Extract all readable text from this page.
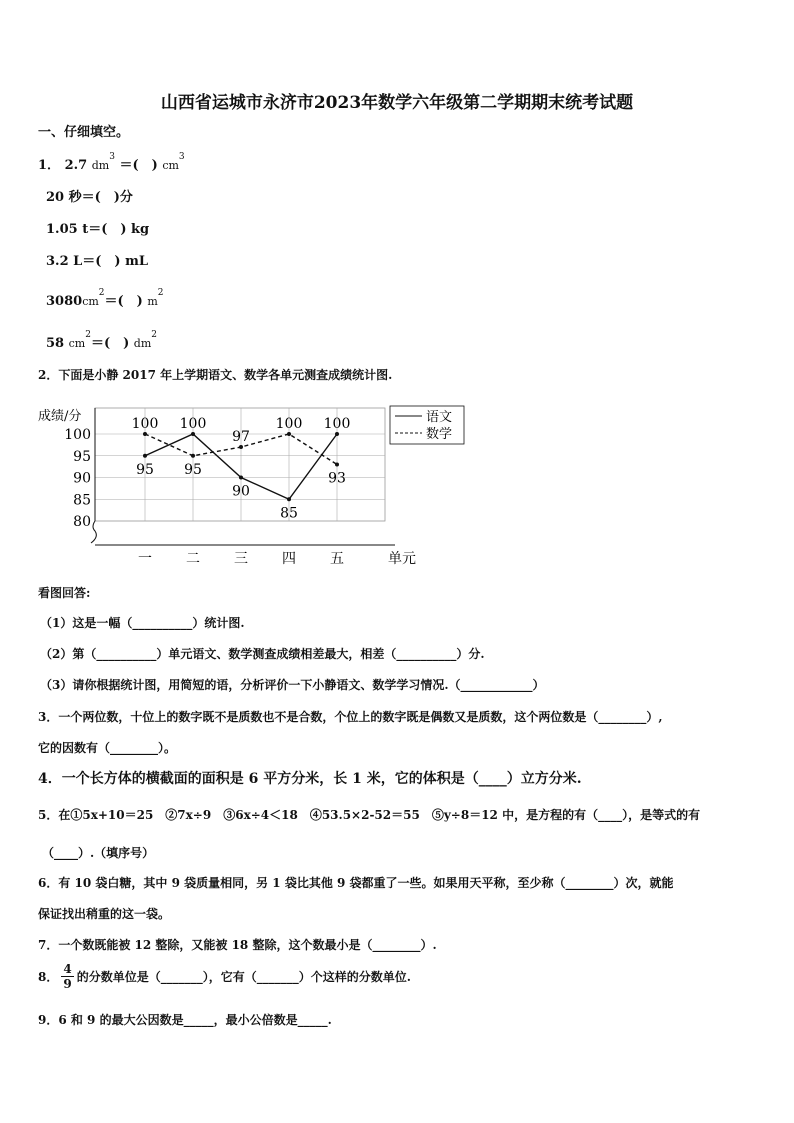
山西省运城市永济市2023年数学六年级第二学期期末统考试题
一、仔细填空。
1． 2.7 $dm^3$ ＝(　) $cm^3$
20 秒＝(　)分
1.05 t＝(　) kg
3.2 L＝(　) mL
$3080cm^2=$(　) $m^2$
58 $cm^2=$(　) $dm^2$
2．下面是小静 2017 年上学期语文、数学各单元测查成绩统计图.
80
85
90
95
100
一 二 三 四 五
成绩/分
单元
95
100
90
85
100
100
95
97
100
93
语文
数学
看图回答:
（1）这是一幅（__________）统计图.
（2）第（__________）单元语文、数学测查成绩相差最大，相差（__________）分.
（3）请你根据统计图，用简短的语，分析评价一下小静语文、数学学习情况.（____________）
3．一个两位数，十位上的数字既不是质数也不是合数，个位上的数字既是偶数又是质数，这个两位数是（________）,
它的因数有（________）。
4．一个长方体的横截面的面积是 6 平方分米，长 1 米，它的体积是（____）立方分米.
5．在①5x+10＝25　②7x÷9　③6x÷4＜18　④53.5×2-52＝55　⑤y÷8＝12 中，是方程的有（____），是等式的有
（____）.（填序号）
6．有 10 袋白糖，其中 9 袋质量相同，另 1 袋比其他 9 袋都重了一些。如果用天平称，至少称（________）次，就能
保证找出稍重的这一袋。
7．一个数既能被 12 整除，又能被 18 整除，这个数最小是（________）.
8． $\frac{4}{9}$ 的分数单位是（_______），它有（_______）个这样的分数单位.
9．6 和 9 的最大公因数是_____，最小公倍数是_____.
